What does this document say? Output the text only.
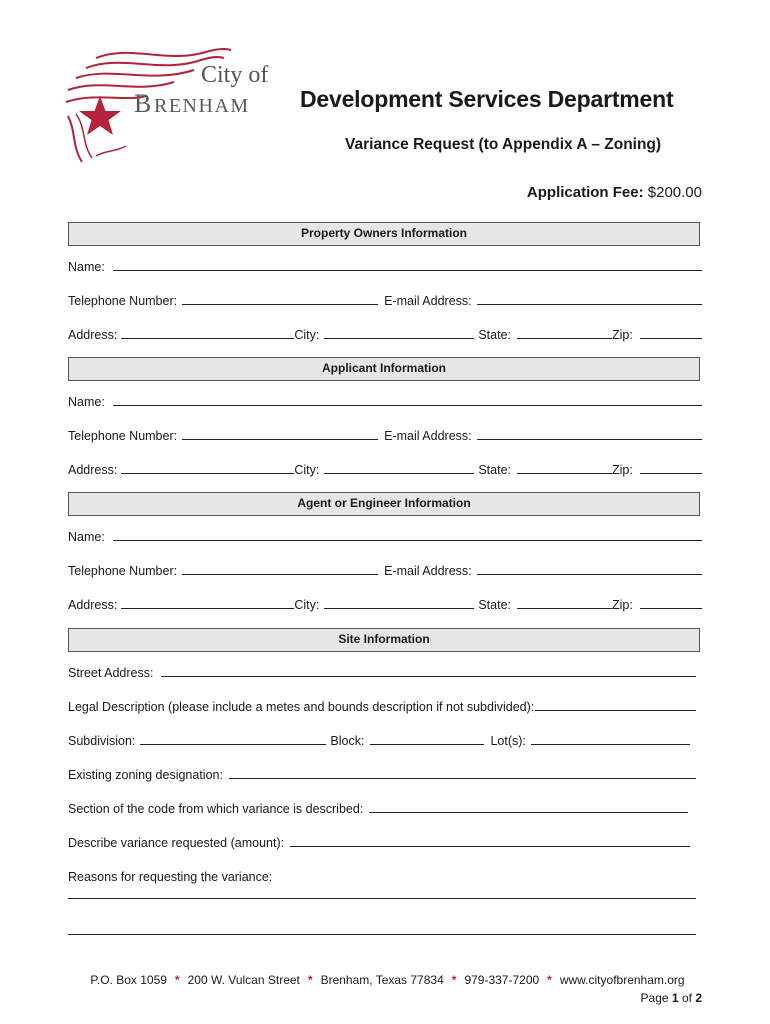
City of
B RENHAM Development Services Department
Variance Request (to Appendix A – Zoning)
Application Fee: $200.00
Property Owners Information
Name:
Telephone Number:	E-mail Address:
Address:	City:	State:	Zip:
Applicant Information
Name:
Telephone Number:	E-mail Address:
Address:	City:	State:	Zip:
Agent or Engineer Information
Name:
Telephone Number:	E-mail Address:
Address:	City:	State:	Zip:
Site Information
Street Address:
Legal Description (please include a metes and bounds description if not subdivided):
Subdivision:	Block:	Lot(s):
Existing zoning designation:
Section of the code from which variance is described:
Describe variance requested (amount):
Reasons for requesting the variance:
P.O. Box 1059 * 200 W. Vulcan Street * Brenham, Texas 77834 * 979-337-7200 * www.cityofbrenham.org
Page 1 of 2
